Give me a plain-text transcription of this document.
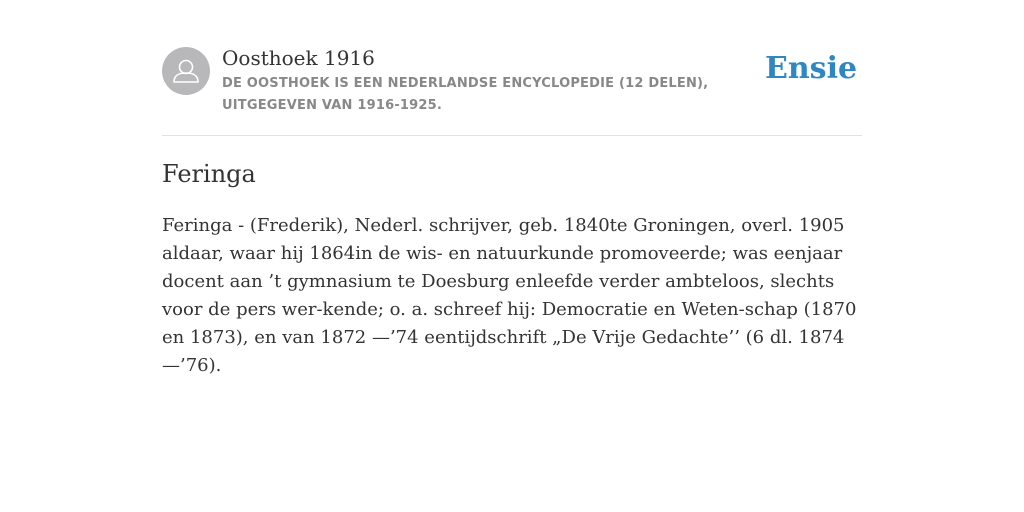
Oosthoek 1916
DE OOSTHOEK IS EEN NEDERLANDSE ENCYCLOPEDIE (12 DELEN), UITGEGEVEN VAN 1916-1925.
Ensie
Feringa

Feringa - (Frederik), Nederl. schrijver, geb. 1840te Groningen, overl. 1905 aldaar, waar hij 1864in de wis- en natuurkunde promoveerde; was eenjaar docent aan ’t gymnasium te Doesburg enleefde verder ambteloos, slechts voor de pers wer-kende; o. a. schreef hij: Democratie en Weten-schap (1870 en 1873), en van 1872 —’74 eentijdschrift „De Vrije Gedachte’’ (6 dl. 1874—’76).
